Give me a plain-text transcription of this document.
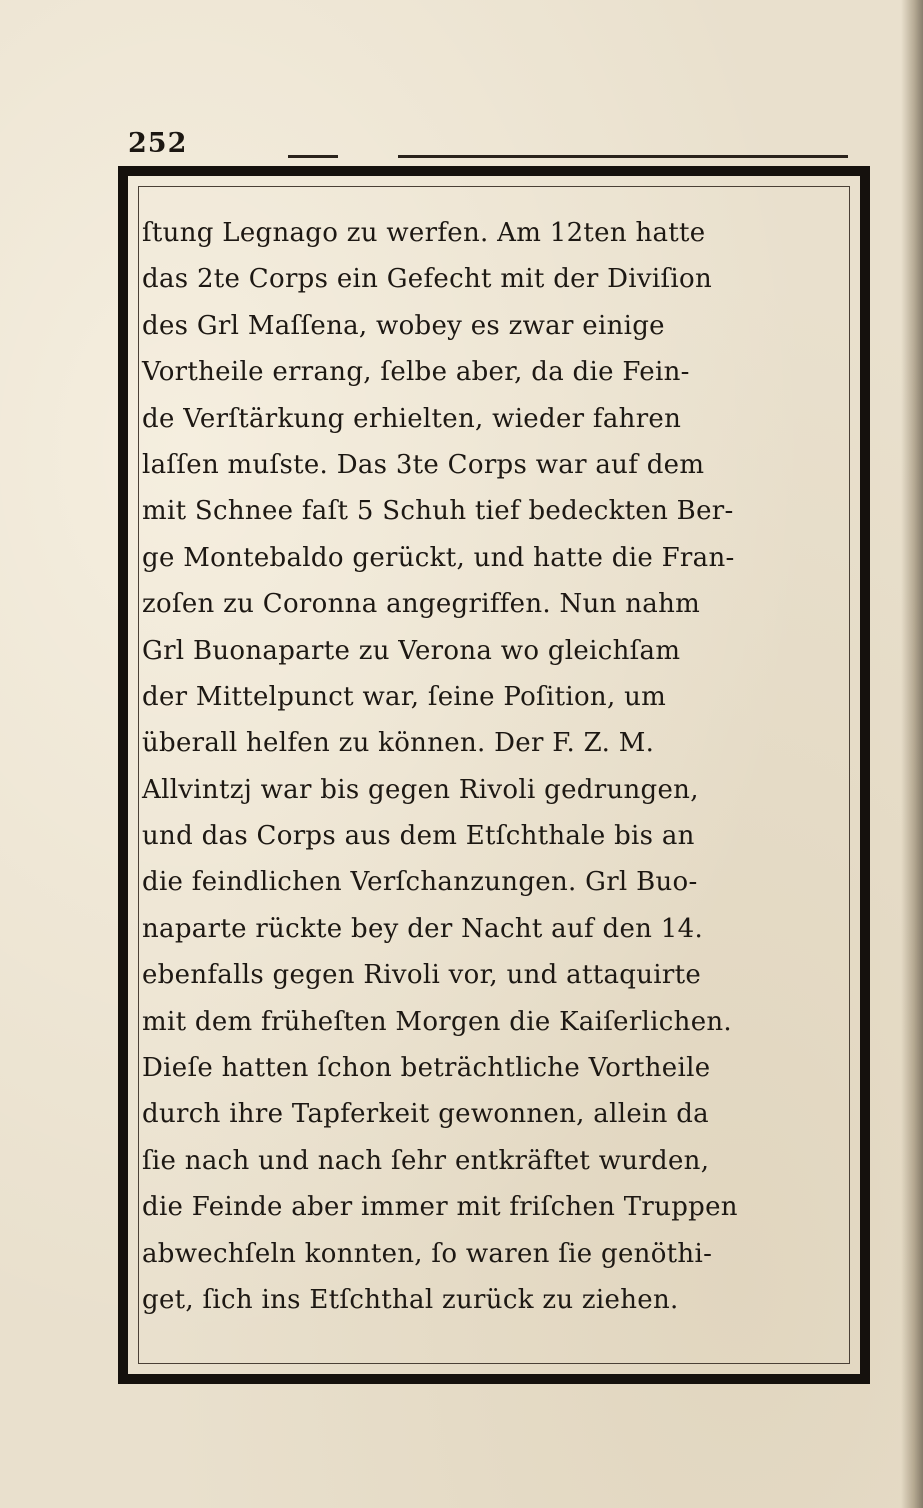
252
ſtung Legnago zu werfen. Am 12ten hatte
das 2te Corps ein Gefecht mit der Diviſion
des Grl Maſſena, wobey es zwar einige
Vortheile errang, ſelbe aber, da die Fein-
de Verſtärkung erhielten, wieder fahren
laſſen muſste. Das 3te Corps war auf dem
mit Schnee faſt 5 Schuh tief bedeckten Ber-
ge Montebaldo gerückt, und hatte die Fran-
zoſen zu Coronna angegriffen. Nun nahm
Grl Buonaparte zu Verona wo gleichſam
der Mittelpunct war, ſeine Poſition, um
überall helfen zu können. Der F. Z. M.
Allvintzj war bis gegen Rivoli gedrungen,
und das Corps aus dem Etſchthale bis an
die feindlichen Verſchanzungen. Grl Buo-
naparte rückte bey der Nacht auf den 14.
ebenfalls gegen Rivoli vor, und attaquirte
mit dem früheſten Morgen die Kaiſerlichen.
Dieſe hatten ſchon beträchtliche Vortheile
durch ihre Tapferkeit gewonnen, allein da
ſie nach und nach ſehr entkräftet wurden,
die Feinde aber immer mit friſchen Truppen
abwechſeln konnten, ſo waren ſie genöthi-
get, ſich ins Etſchthal zurück zu ziehen.
